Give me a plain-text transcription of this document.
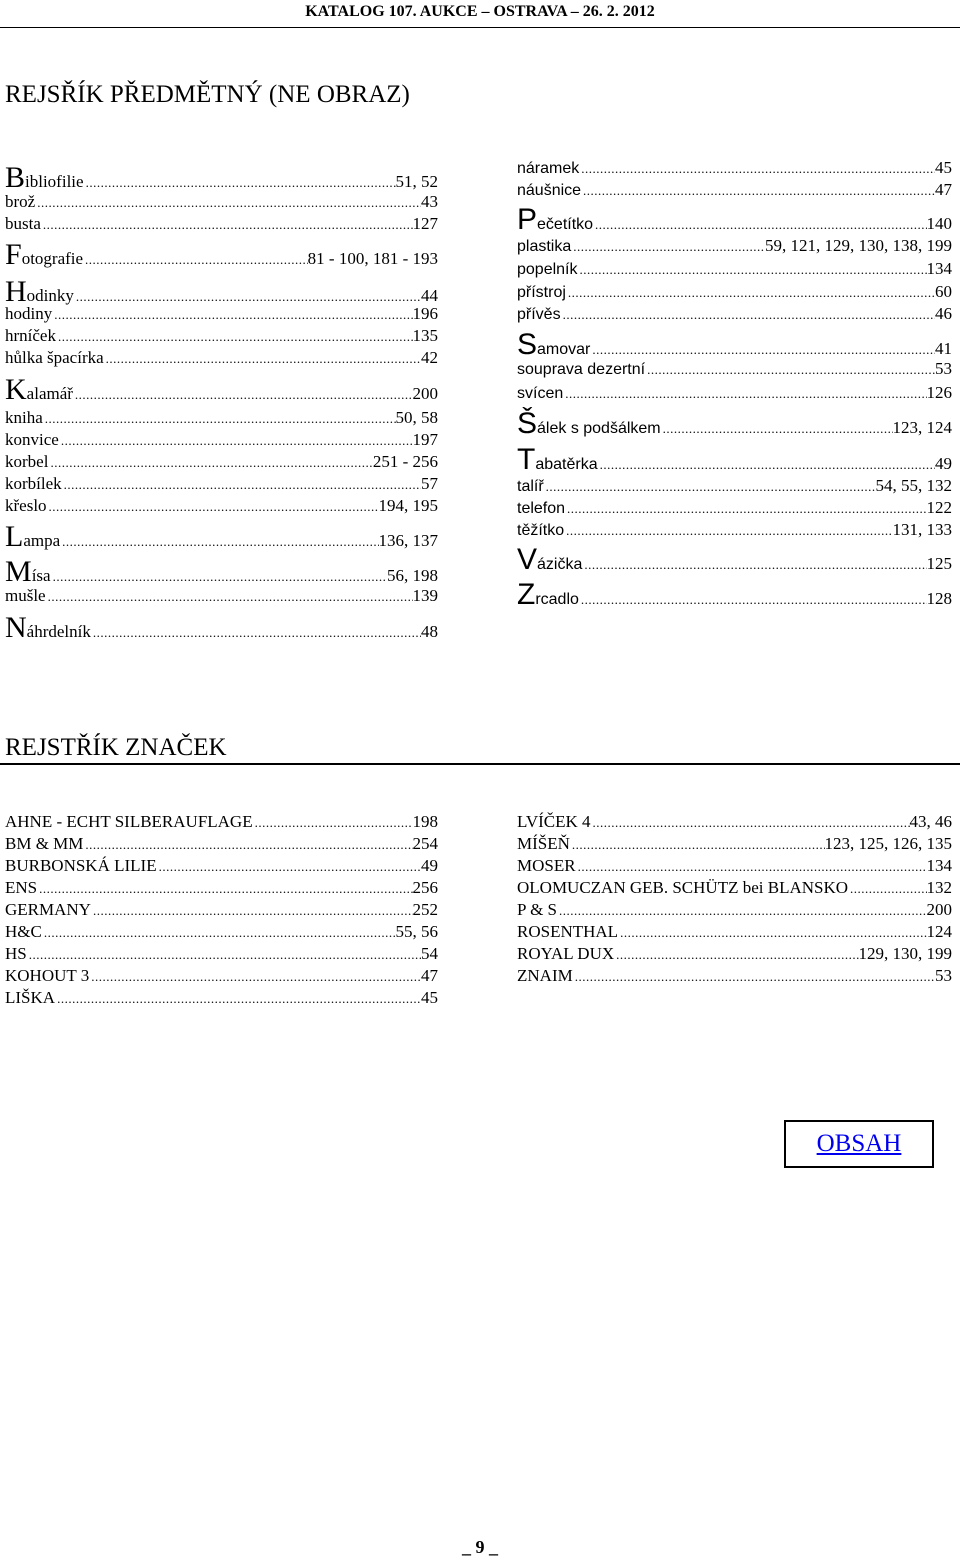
KATALOG 107. AUKCE – OSTRAVA – 26. 2. 2012
REJSŘÍK PŘEDMĚTNÝ (NE OBRAZ)
Bibliofilie .....	51, 52
brož .....	43
busta .....	127
Fotografie .....	81 - 100, 181 - 193
Hodinky .....	44
hodiny .....	196
hrníček .....	135
hůlka špacírka .....	42
Kalamář .....	200
kniha .....	50, 58
konvice .....	197
korbel .....	251 - 256
korbílek .....	57
křeslo .....	194, 195
Lampa .....	136, 137
Mísa .....	56, 198
mušle .....	139
Náhrdelník .....	48
náramek .....	45
náušnice .....	47
Pečetítko .....	140
plastika .....	59, 121, 129, 130, 138, 199
popelník .....	134
přístroj .....	60
přívěs .....	46
Samovar .....	41
souprava dezertní .....	53
svícen .....	126
Šálek s podšálkem .....	123, 124
Tabatěrka .....	49
talíř .....	54, 55, 132
telefon .....	122
těžítko .....	131, 133
Vázička .....	125
Zrcadlo .....	128
REJSTŘÍK ZNAČEK
AHNE - ECHT SILBERAUFLAGE .....	198
BM & MM .....	254
BURBONSKÁ LILIE .....	49
ENS .....	256
GERMANY .....	252
H&C .....	55, 56
HS .....	54
KOHOUT 3 .....	47
LIŠKA .....	45
LVÍČEK 4 .....	43, 46
MÍŠEŇ .....	123, 125, 126, 135
MOSER .....	134
OLOMUCZAN GEB. SCHÜTZ bei BLANSKO .....	132
P & S .....	200
ROSENTHAL .....	124
ROYAL DUX .....	129, 130, 199
ZNAIM .....	53
OBSAH
_ 9 _
